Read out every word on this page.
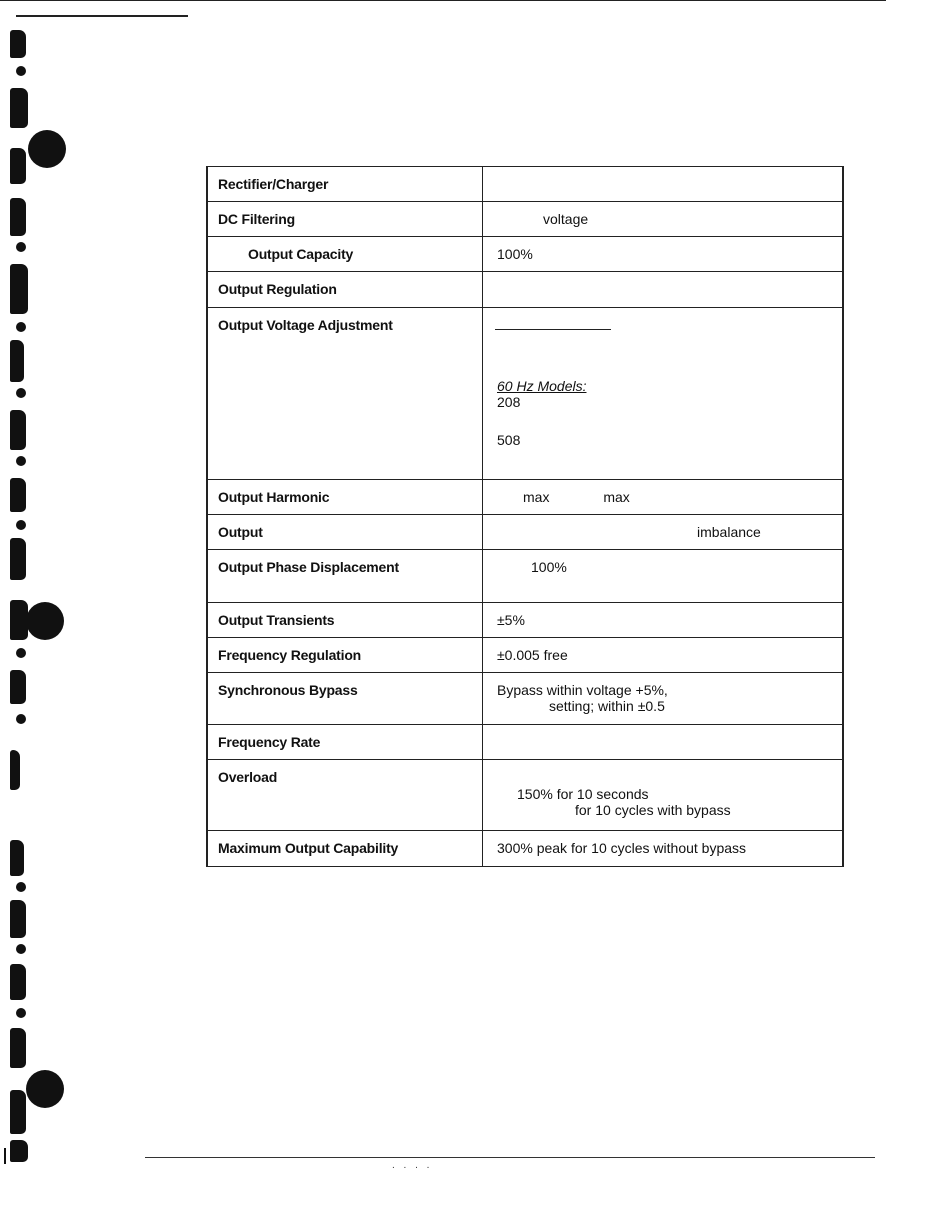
Rectifier/Charger	
DC Filtering	voltage
Output Capacity	100%
Output Regulation	
Output Voltage Adjustment	60 Hz Models:
208
508

Output Harmonic	max max
Output	imbalance
Output Phase Displacement	100%
Output Transients	±5%
Frequency Regulation	±0.005 free
Synchronous Bypass	Bypass within voltage +5%,
setting; within ±0.5

Frequency Rate	
Overload	150% for 10 seconds
for 10 cycles with bypass

Maximum Output Capability	300% peak for 10 cycles without bypass
. . . .
